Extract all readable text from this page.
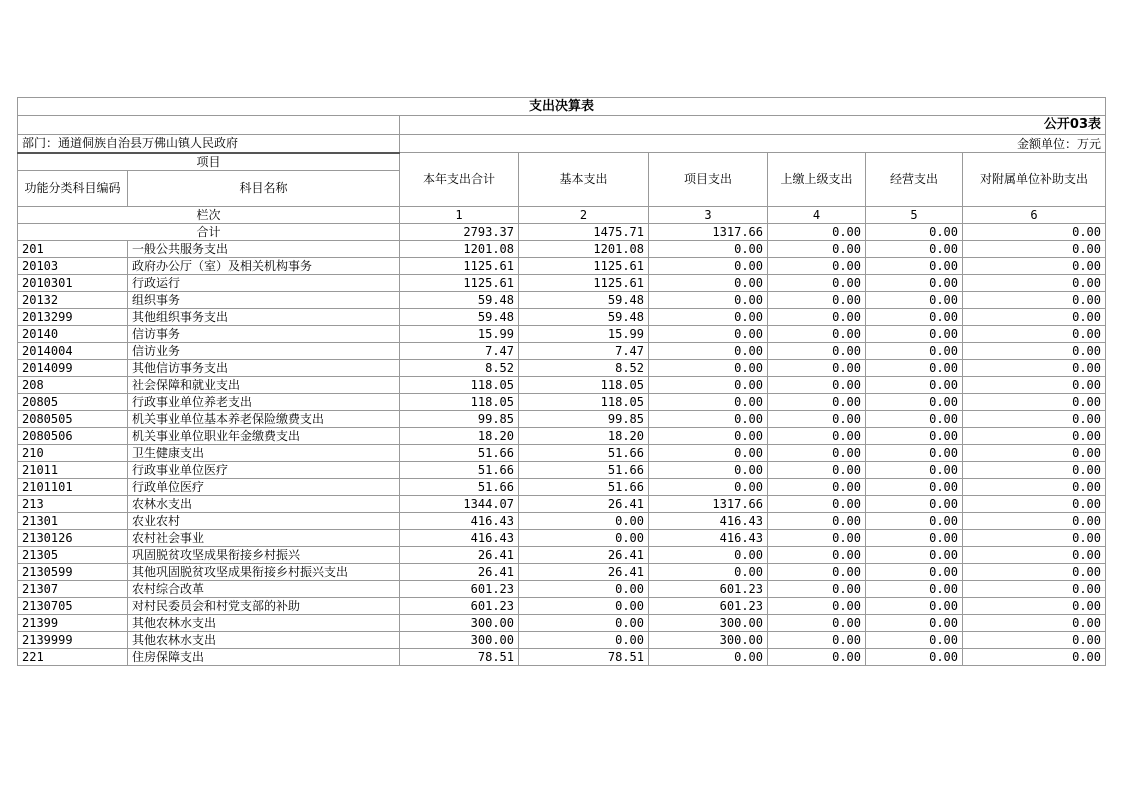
支出决算表							
		公开03表					
部门：通道侗族自治县万佛山镇人民政府		金额单位：万元					
项目		本年支出合计	基本支出	项目支出	上缴上级支出	经营支出	对附属单位补助支出
功能分类科目编码	科目名称						
栏次		1	2	3	4	5	6
合计		2793.37	1475.71	1317.66	0.00	0.00	0.00
201	一般公共服务支出	1201.08	1201.08	0.00	0.00	0.00	0.00
20103	政府办公厅（室）及相关机构事务	1125.61	1125.61	0.00	0.00	0.00	0.00
2010301	行政运行	1125.61	1125.61	0.00	0.00	0.00	0.00
20132	组织事务	59.48	59.48	0.00	0.00	0.00	0.00
2013299	其他组织事务支出	59.48	59.48	0.00	0.00	0.00	0.00
20140	信访事务	15.99	15.99	0.00	0.00	0.00	0.00
2014004	信访业务	7.47	7.47	0.00	0.00	0.00	0.00
2014099	其他信访事务支出	8.52	8.52	0.00	0.00	0.00	0.00
208	社会保障和就业支出	118.05	118.05	0.00	0.00	0.00	0.00
20805	行政事业单位养老支出	118.05	118.05	0.00	0.00	0.00	0.00
2080505	机关事业单位基本养老保险缴费支出	99.85	99.85	0.00	0.00	0.00	0.00
2080506	机关事业单位职业年金缴费支出	18.20	18.20	0.00	0.00	0.00	0.00
210	卫生健康支出	51.66	51.66	0.00	0.00	0.00	0.00
21011	行政事业单位医疗	51.66	51.66	0.00	0.00	0.00	0.00
2101101	行政单位医疗	51.66	51.66	0.00	0.00	0.00	0.00
213	农林水支出	1344.07	26.41	1317.66	0.00	0.00	0.00
21301	农业农村	416.43	0.00	416.43	0.00	0.00	0.00
2130126	农村社会事业	416.43	0.00	416.43	0.00	0.00	0.00
21305	巩固脱贫攻坚成果衔接乡村振兴	26.41	26.41	0.00	0.00	0.00	0.00
2130599	其他巩固脱贫攻坚成果衔接乡村振兴支出	26.41	26.41	0.00	0.00	0.00	0.00
21307	农村综合改革	601.23	0.00	601.23	0.00	0.00	0.00
2130705	对村民委员会和村党支部的补助	601.23	0.00	601.23	0.00	0.00	0.00
21399	其他农林水支出	300.00	0.00	300.00	0.00	0.00	0.00
2139999	其他农林水支出	300.00	0.00	300.00	0.00	0.00	0.00
221	住房保障支出	78.51	78.51	0.00	0.00	0.00	0.00
